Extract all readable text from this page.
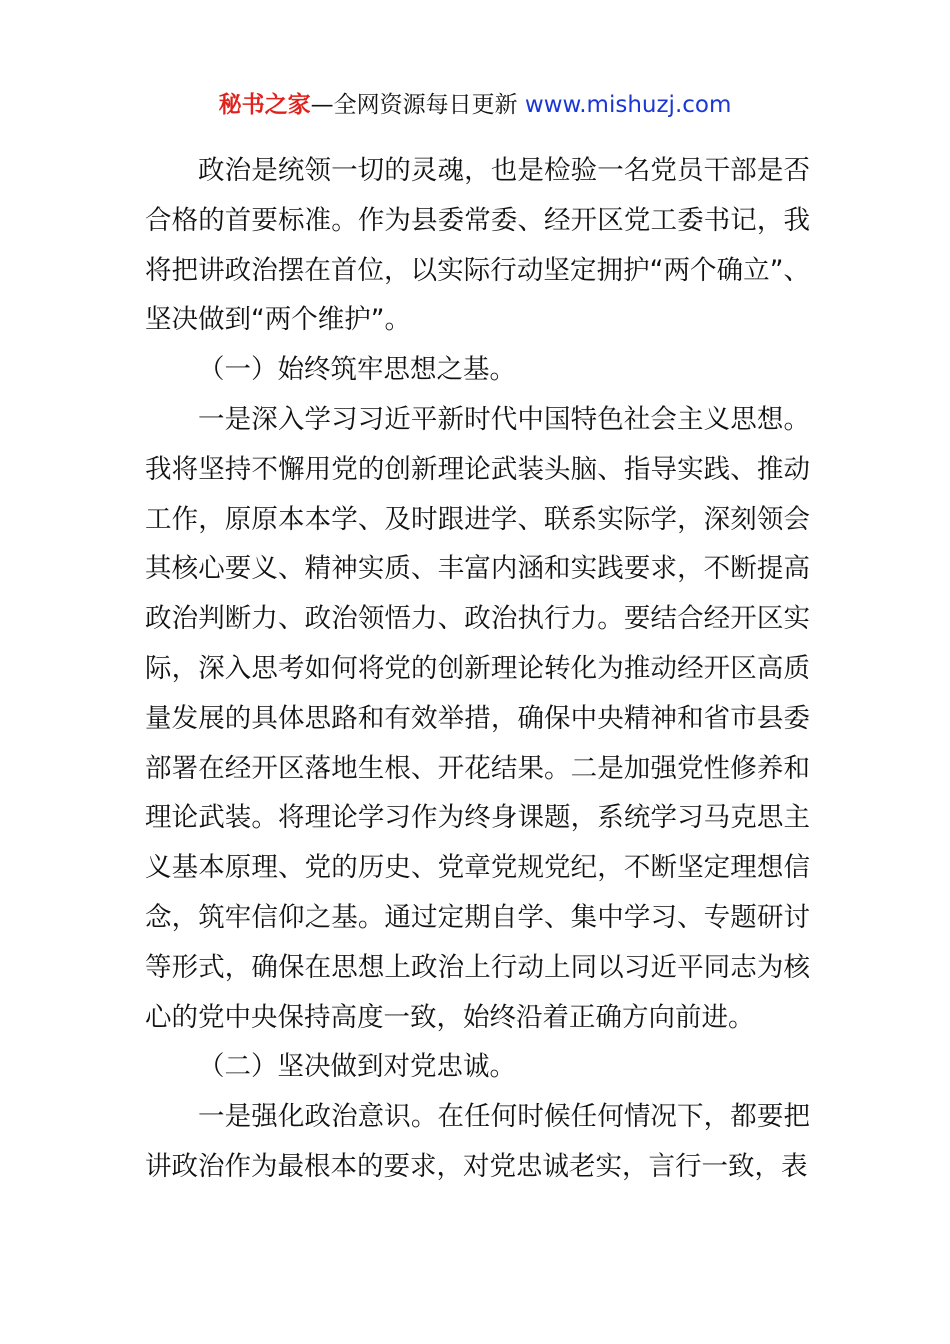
秘书之家—全网资源每日更新 www.mishuzj.com

政治是统领一切的灵魂，也是检验一名党员干部是否合格的首要标准。作为县委常委、经开区党工委书记，我将把讲政治摆在首位，以实际行动坚定拥护“两个确立”、坚决做到“两个维护”。

（一）始终筑牢思想之基。

一是深入学习习近平新时代中国特色社会主义思想。我将坚持不懈用党的创新理论武装头脑、指导实践、推动工作，原原本本学、及时跟进学、联系实际学，深刻领会其核心要义、精神实质、丰富内涵和实践要求，不断提高政治判断力、政治领悟力、政治执行力。要结合经开区实际，深入思考如何将党的创新理论转化为推动经开区高质量发展的具体思路和有效举措，确保中央精神和省市县委部署在经开区落地生根、开花结果。二是加强党性修养和理论武装。将理论学习作为终身课题，系统学习马克思主义基本原理、党的历史、党章党规党纪，不断坚定理想信念，筑牢信仰之基。通过定期自学、集中学习、专题研讨等形式，确保在思想上政治上行动上同以习近平同志为核心的党中央保持高度一致，始终沿着正确方向前进。

（二）坚决做到对党忠诚。

一是强化政治意识。在任何时候任何情况下，都要把讲政治作为最根本的要求，对党忠诚老实，言行一致，表
